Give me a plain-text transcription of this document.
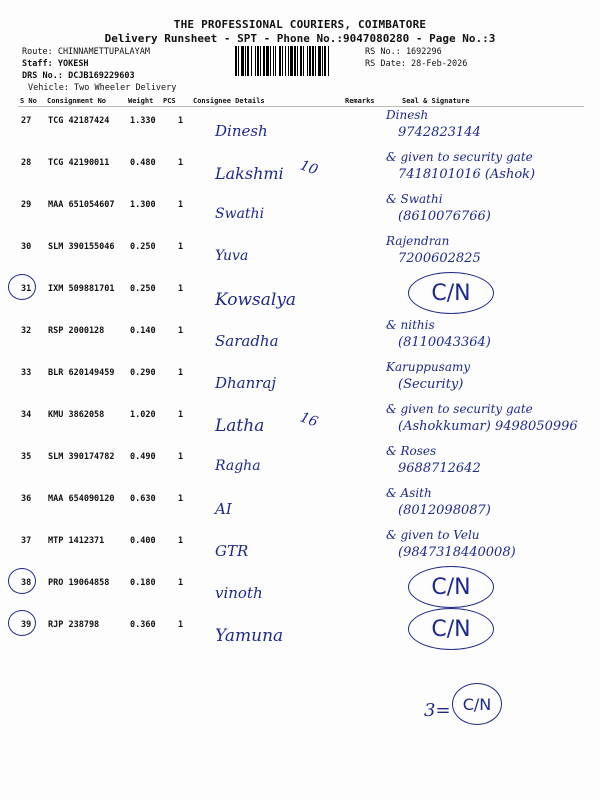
THE PROFESSIONAL COURIERS, COIMBATORE
Delivery Runsheet - SPT - Phone No.:9047080280 - Page No.:3
Route: CHINNAMETTUPALAYAM
Staff: YOKESH
DRS No.: DCJB169229603
Vehicle: Two Wheeler Delivery
RS No.: 1692296
RS Date: 28-Feb-2026
S No Consignment No	Weight PCS Consignee Details	Remarks	Seal & Signature
27 TCG 42187424 1.330	1
Dinesh
Dinesh
9742823144
28 TCG 42190011 0.480	1
Lakshmi 10
& given to security gate
7418101016 (Ashok)
29 MAA 651054607 1.300	1
Swathi
& Swathi
(8610076766)
30 SLM 390155046 0.250	1
Yuva
Rajendran
7200602825
31 IXM 509881701 0.250	1
Kowsalya	C/N
32 RSP 2000128	0.140	1
Saradha
& nithis
(8110043364)
33 BLR 620149459 0.290	1
Dhanraj
Karuppusamy
(Security)
34 KMU 3862058	1.020	1
Latha 16
& given to security gate
(Ashokkumar) 9498050996
35 SLM 390174782 0.490	1
Ragha
& Roses
9688712642
36 MAA 654090120 0.630	1
AI
& Asith
(8012098087)
37 MTP 1412371	0.400	1
GTR
& given to Velu
(9847318440008)
38 PRO 19064858 0.180	1
vinoth	C/N
39 RJP 238798	0.360	1
Yamuna	C/N
3= C/N
